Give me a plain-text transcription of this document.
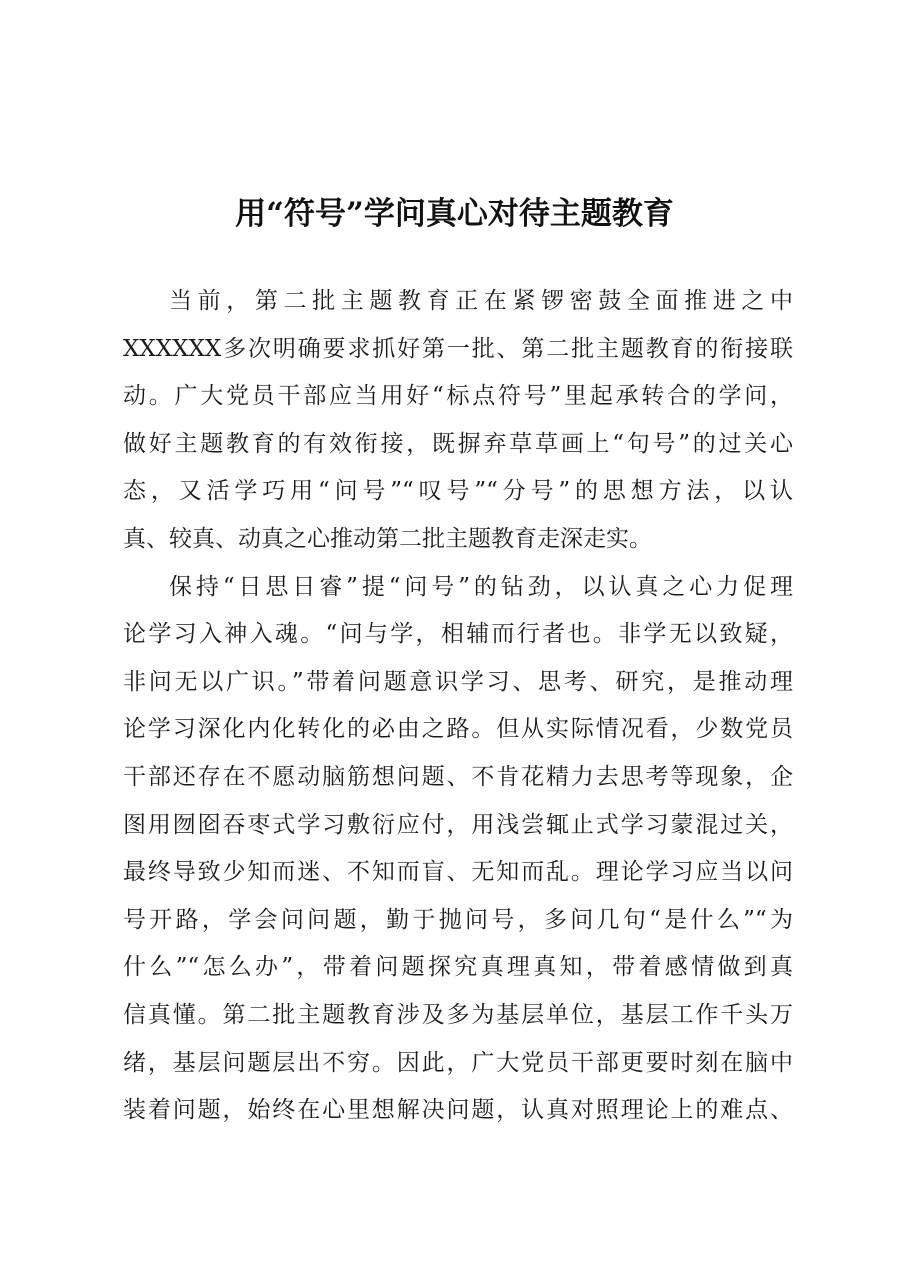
用“符号”学问真心对待主题教育
当前，第二批主题教育正在紧锣密鼓全面推进之中
XXXXXX多次明确要求抓好第一批、第二批主题教育的衔接联
动。广大党员干部应当用好“标点符号”里起承转合的学问，
做好主题教育的有效衔接，既摒弃草草画上“句号”的过关心
态，又活学巧用“问号”“叹号”“分号”的思想方法，以认
真、较真、动真之心推动第二批主题教育走深走实。
保持“日思日睿”提“问号”的钻劲，以认真之心力促理
论学习入神入魂。“问与学，相辅而行者也。非学无以致疑，
非问无以广识。”带着问题意识学习、思考、研究，是推动理
论学习深化内化转化的必由之路。但从实际情况看，少数党员
干部还存在不愿动脑筋想问题、不肯花精力去思考等现象，企
图用囫囵吞枣式学习敷衍应付，用浅尝辄止式学习蒙混过关，
最终导致少知而迷、不知而盲、无知而乱。理论学习应当以问
号开路，学会问问题，勤于抛问号，多问几句“是什么”“为
什么”“怎么办”，带着问题探究真理真知，带着感情做到真
信真懂。第二批主题教育涉及多为基层单位，基层工作千头万
绪，基层问题层出不穷。因此，广大党员干部更要时刻在脑中
装着问题，始终在心里想解决问题，认真对照理论上的难点、
